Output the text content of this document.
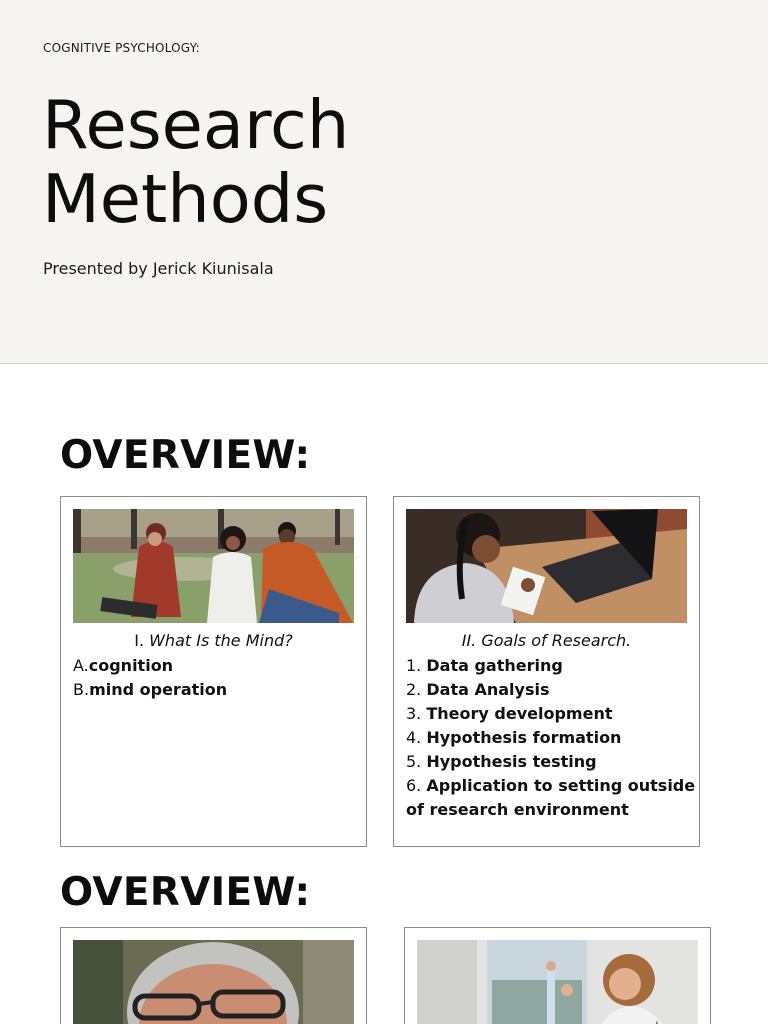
COGNITIVE PSYCHOLOGY:
Research
Methods
Presented by Jerick Kiunisala
OVERVIEW:
I. What Is the Mind?
A.cognition
B.mind operation
II. Goals of Research.
1. Data gathering
2. Data Analysis
3. Theory development
4. Hypothesis formation
5. Hypothesis testing
6. Application to setting outside of research environment
OVERVIEW:
